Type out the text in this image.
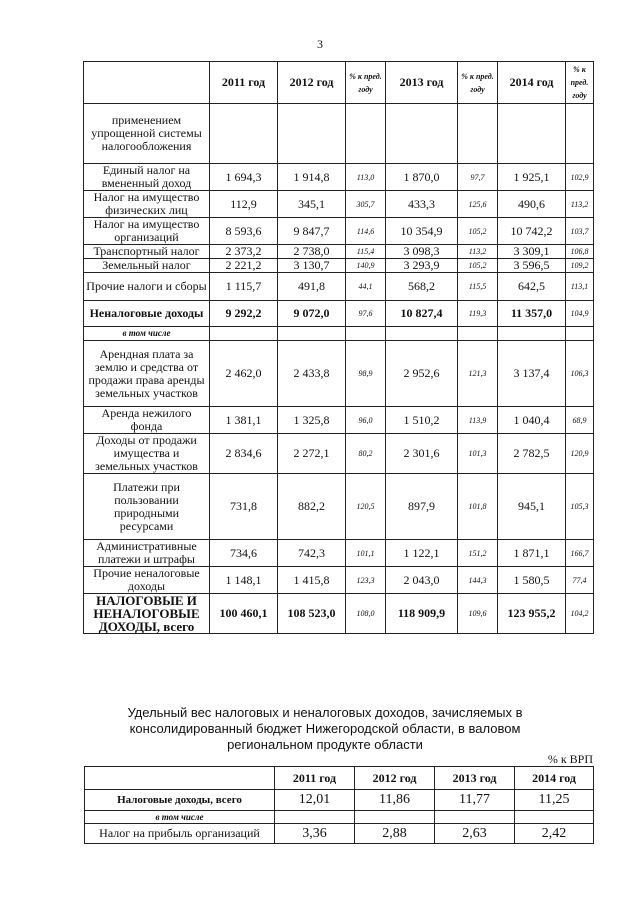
3
	2011 год	2012 год	% к пред. году	2013 год	% к пред. году	2014 год	% к пред. году
применением упрощенной системы налогообложения							
Единый налог на вмененный доход	1 694,3	1 914,8	113,0	1 870,0	97,7	1 925,1	102,9
Налог на имущество физических лиц	112,9	345,1	305,7	433,3	125,6	490,6	113,2
Налог на имущество организаций	8 593,6	9 847,7	114,6	10 354,9	105,2	10 742,2	103,7
Транспортный налог	2 373,2	2 738,0	115,4	3 098,3	113,2	3 309,1	106,8
Земельный налог	2 221,2	3 130,7	140,9	3 293,9	105,2	3 596,5	109,2
Прочие налоги и сборы	1 115,7	491,8	44,1	568,2	115,5	642,5	113,1
Неналоговые доходы	9 292,2	9 072,0	97,6	10 827,4	119,3	11 357,0	104,9
в том числе							
Арендная плата за землю и средства от продажи права аренды земельных участков	2 462,0	2 433,8	98,9	2 952,6	121,3	3 137,4	106,3
Аренда нежилого фонда	1 381,1	1 325,8	96,0	1 510,2	113,9	1 040,4	68,9
Доходы от продажи имущества и земельных участков	2 834,6	2 272,1	80,2	2 301,6	101,3	2 782,5	120,9
Платежи при пользовании природными ресурсами	731,8	882,2	120,5	897,9	101,8	945,1	105,3
Административные платежи и штрафы	734,6	742,3	101,1	1 122,1	151,2	1 871,1	166,7
Прочие неналоговые доходы	1 148,1	1 415,8	123,3	2 043,0	144,3	1 580,5	77,4
НАЛОГОВЫЕ И НЕНАЛОГОВЫЕ ДОХОДЫ, всего	100 460,1	108 523,0	108,0	118 909,9	109,6	123 955,2	104,2
Удельный вес налоговых и неналоговых доходов, зачисляемых в консолидированный бюджет Нижегородской области, в валовом региональном продукте области
% к ВРП
	2011 год	2012 год	2013 год	2014 год
Налоговые доходы, всего	12,01	11,86	11,77	11,25
в том числе				
Налог на прибыль организаций	3,36	2,88	2,63	2,42
